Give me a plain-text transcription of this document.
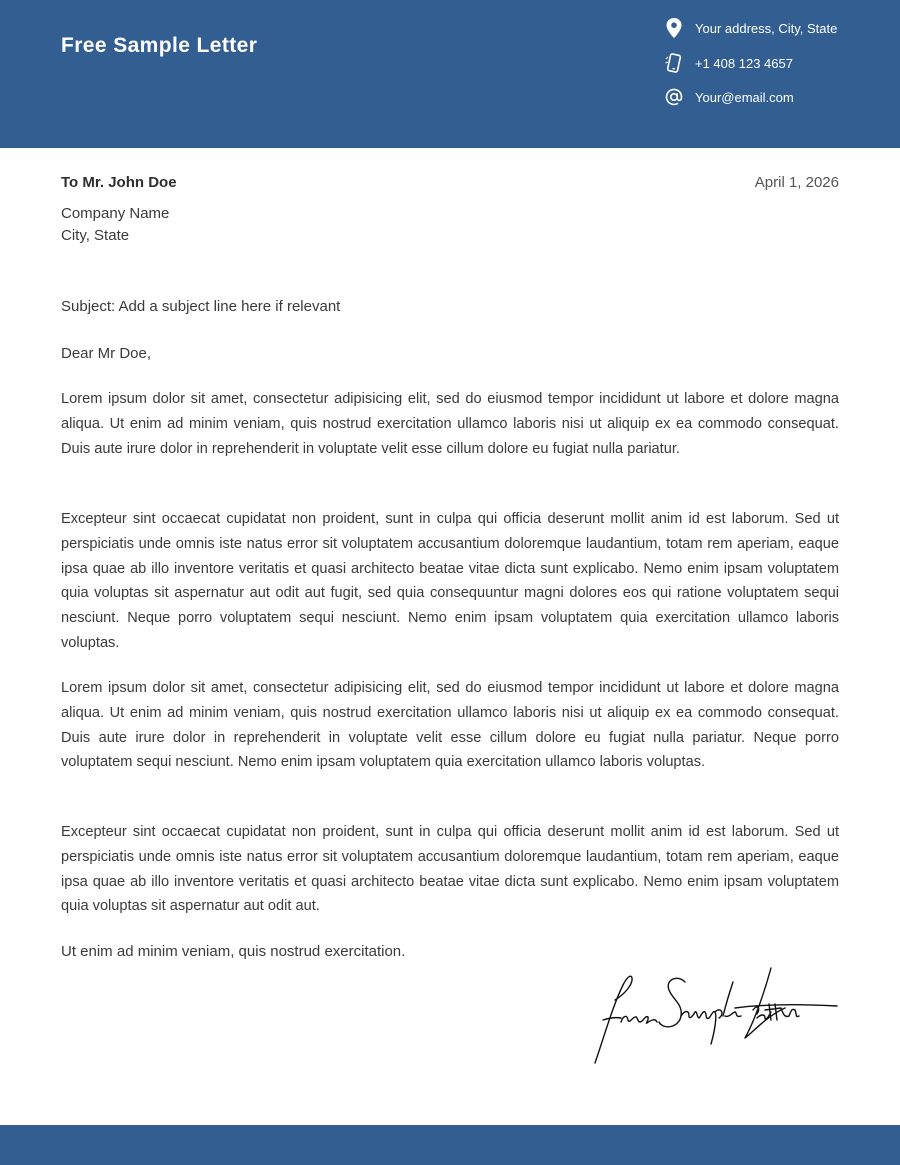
Free Sample Letter
Your address, City, State
+1 408 123 4657
Your@email.com
To Mr. John Doe	April 1, 2026
Company Name
City, State
Subject: Add a subject line here if relevant
Dear Mr Doe,

Lorem ipsum dolor sit amet, consectetur adipisicing elit, sed do eiusmod tempor incididunt ut labore et dolore magna aliqua. Ut enim ad minim veniam, quis nostrud exercitation ullamco laboris nisi ut aliquip ex ea commodo consequat. Duis aute irure dolor in reprehenderit in voluptate velit esse cillum dolore eu fugiat nulla pariatur.

Excepteur sint occaecat cupidatat non proident, sunt in culpa qui officia deserunt mollit anim id est laborum. Sed ut perspiciatis unde omnis iste natus error sit voluptatem accusantium doloremque laudantium, totam rem aperiam, eaque ipsa quae ab illo inventore veritatis et quasi architecto beatae vitae dicta sunt explicabo. Nemo enim ipsam voluptatem quia voluptas sit aspernatur aut odit aut fugit, sed quia consequuntur magni dolores eos qui ratione voluptatem sequi nesciunt. Neque porro voluptatem sequi nesciunt. Nemo enim ipsam voluptatem quia exercitation ullamco laboris voluptas.

Lorem ipsum dolor sit amet, consectetur adipisicing elit, sed do eiusmod tempor incididunt ut labore et dolore magna aliqua. Ut enim ad minim veniam, quis nostrud exercitation ullamco laboris nisi ut aliquip ex ea commodo consequat. Duis aute irure dolor in reprehenderit in voluptate velit esse cillum dolore eu fugiat nulla pariatur. Neque porro voluptatem sequi nesciunt. Nemo enim ipsam voluptatem quia exercitation ullamco laboris voluptas.

Excepteur sint occaecat cupidatat non proident, sunt in culpa qui officia deserunt mollit anim id est laborum. Sed ut perspiciatis unde omnis iste natus error sit voluptatem accusantium doloremque laudantium, totam rem aperiam, eaque ipsa quae ab illo inventore veritatis et quasi architecto beatae vitae dicta sunt explicabo. Nemo enim ipsam voluptatem quia voluptas sit aspernatur aut odit aut.

Ut enim ad minim veniam, quis nostrud exercitation.
